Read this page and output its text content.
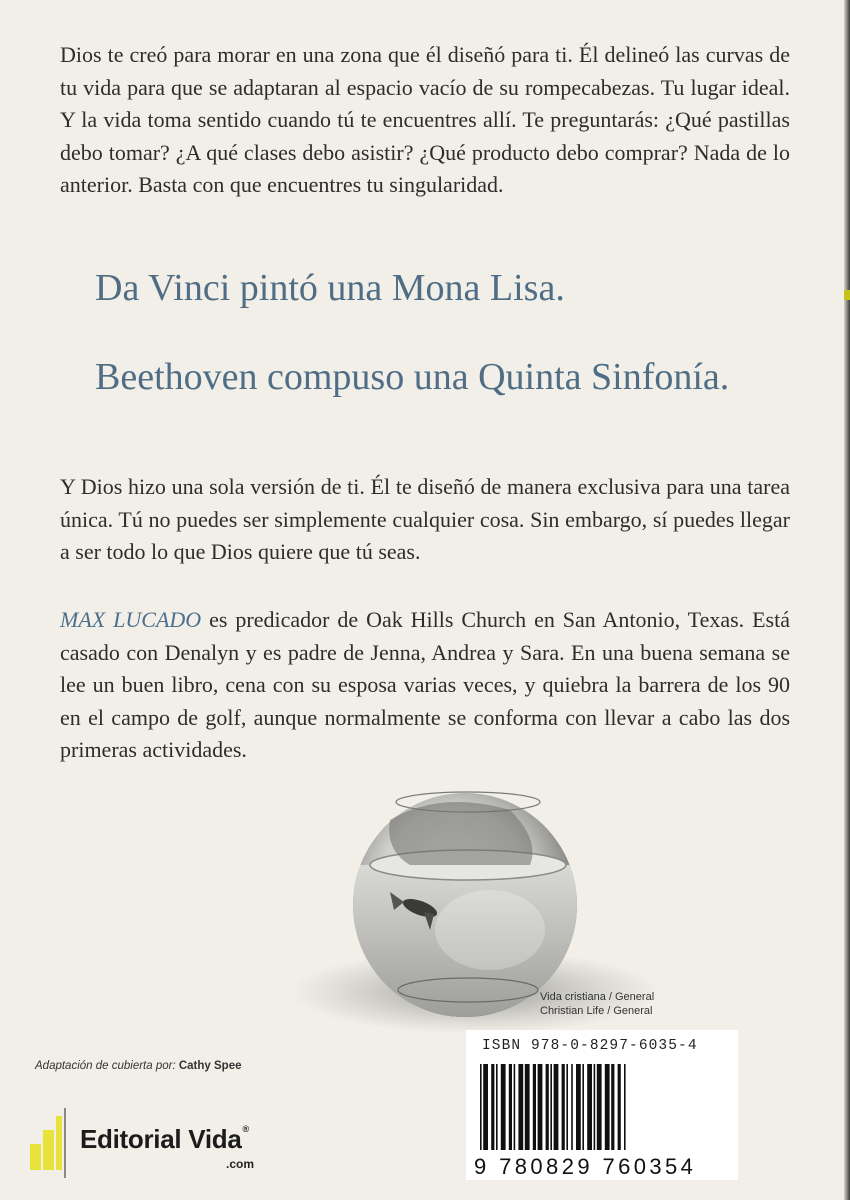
Dios te creó para morar en una zona que él diseñó para ti. Él delineó las curvas de tu vida para que se adaptaran al espacio vacío de su rompecabezas. Tu lugar ideal. Y la vida toma sentido cuando tú te encuentres allí. Te preguntarás: ¿Qué pastillas debo tomar? ¿A qué clases debo asistir? ¿Qué producto debo comprar? Nada de lo anterior. Basta con que encuentres tu singularidad.

Da Vinci pintó una Mona Lisa.

Beethoven compuso una Quinta Sinfonía.

Y Dios hizo una sola versión de ti. Él te diseñó de manera exclusiva para una tarea única. Tú no puedes ser simplemente cualquier cosa. Sin embargo, sí puedes llegar a ser todo lo que Dios quiere que tú seas.

MAX LUCADO es predicador de Oak Hills Church en San Antonio, Texas. Está casado con Denalyn y es padre de Jenna, Andrea y Sara. En una buena semana se lee un buen libro, cena con su esposa varias veces, y quiebra la barrera de los 90 en el campo de golf, aunque normalmente se conforma con llevar a cabo las dos primeras actividades.

Vida cristiana / General
Christian Life / General
Adaptación de cubierta por: Cathy Spee
Editorial Vida®
.com
ISBN 978-0-8297-6035-4
9 780829 760354
